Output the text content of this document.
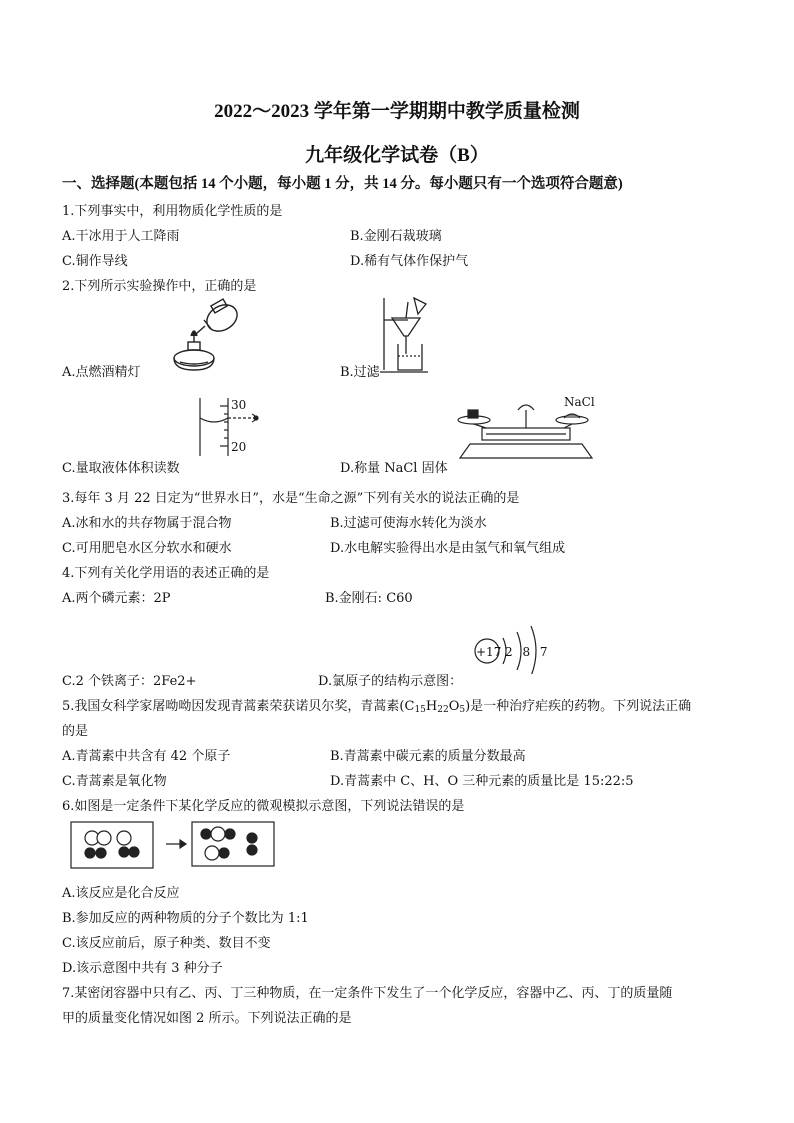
2022～2023 学年第一学期期中教学质量检测
九年级化学试卷（B）
一、选择题(本题包括 14 个小题，每小题 1 分，共 14 分。每小题只有一个选项符合题意)
1.下列事实中，利用物质化学性质的是
A.干冰用于人工降雨	B.金刚石裁玻璃
C.铜作导线	D.稀有气体作保护气
2.下列所示实验操作中，正确的是
A.点燃酒精灯	B.过滤
30
20
C.量取液体体积读数
NaCl
D.称量 NaCl 固体
3.每年 3 月 22 日定为“世界水日”，水是“生命之源”下列有关水的说法正确的是
A.冰和水的共存物属于混合物	B.过滤可使海水转化为淡水
C.可用肥皂水区分软水和硬水	D.水电解实验得出水是由氢气和氧气组成
4.下列有关化学用语的表述正确的是
A.两个磷元素：2P	B.金刚石: C60
+17 2 8 7
C.2 个铁离子：2Fe2+	D.氯原子的结构示意图：
5.我国女科学家屠呦呦因发现青蒿素荣获诺贝尔奖，青蒿素$(C_{15}H_{22}O_5)$是一种治疗疟疾的药物。下列说法正确
的是
A.青蒿素中共含有 42 个原子	B.青蒿素中碳元素的质量分数最高
C.青蒿素是氧化物	D.青蒿素中 C、H、O 三种元素的质量比是 15:22:5
6.如图是一定条件下某化学反应的微观模拟示意图，下列说法错误的是
A.该反应是化合反应
B.参加反应的两种物质的分子个数比为 1:1
C.该反应前后，原子种类、数目不变
D.该示意图中共有 3 种分子
7.某密闭容器中只有乙、丙、丁三种物质，在一定条件下发生了一个化学反应，容器中乙、丙、丁的质量随
甲的质量变化情况如图 2 所示。下列说法正确的是
